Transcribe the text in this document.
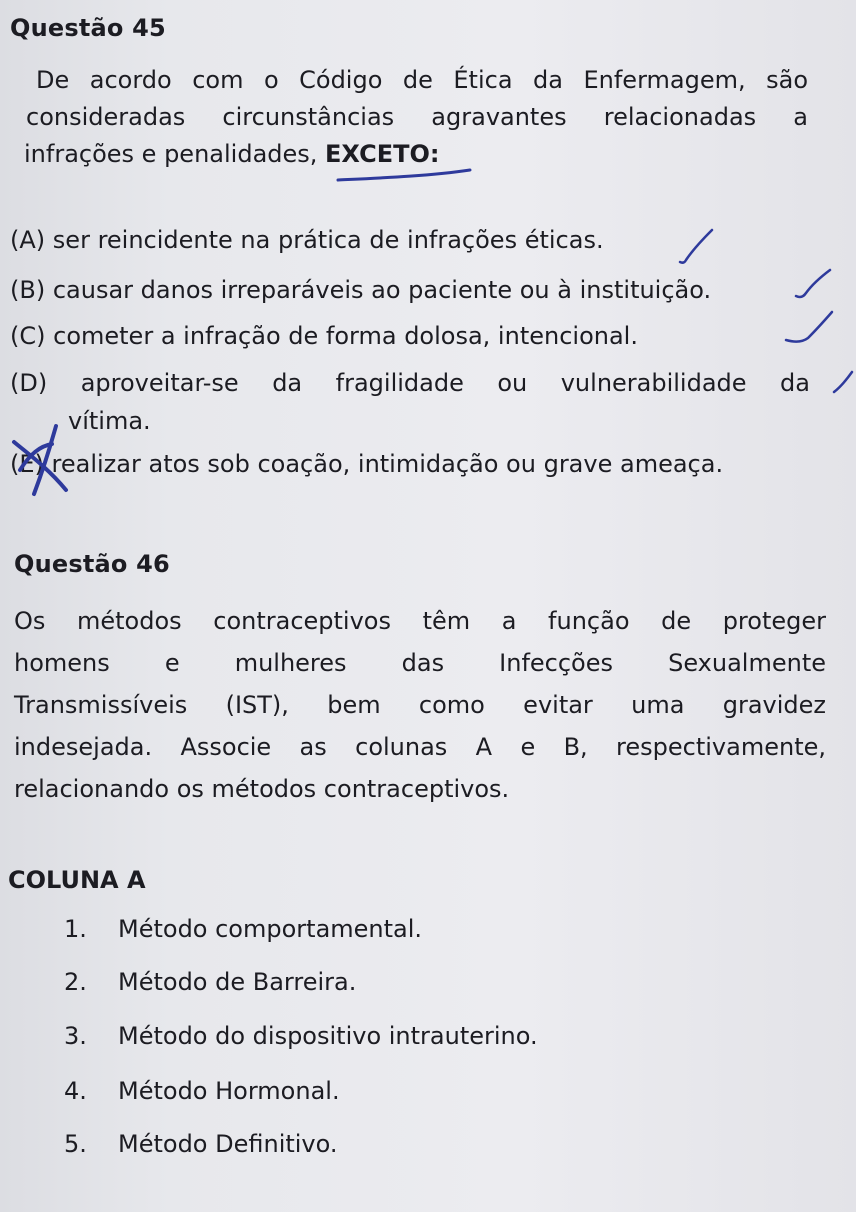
Questão 45
De acordo com o Código de Ética da Enfermagem, são
consideradas circunstâncias agravantes relacionadas a
infrações e penalidades, EXCETO:
(A) ser reincidente na prática de infrações éticas.
(B) causar danos irreparáveis ao paciente ou à instituição.
(C) cometer a infração de forma dolosa, intencional.
(D) aproveitar-se da fragilidade ou vulnerabilidade da
vítima.
(E) realizar atos sob coação, intimidação ou grave ameaça.
Questão 46
Os métodos contraceptivos têm a função de proteger
homens e mulheres das Infecções Sexualmente
Transmissíveis (IST), bem como evitar uma gravidez
indesejada. Associe as colunas A e B, respectivamente,
relacionando os métodos contraceptivos.
COLUNA A
1. Método comportamental.
2. Método de Barreira.
3. Método do dispositivo intrauterino.
4. Método Hormonal.
5. Método Definitivo.
